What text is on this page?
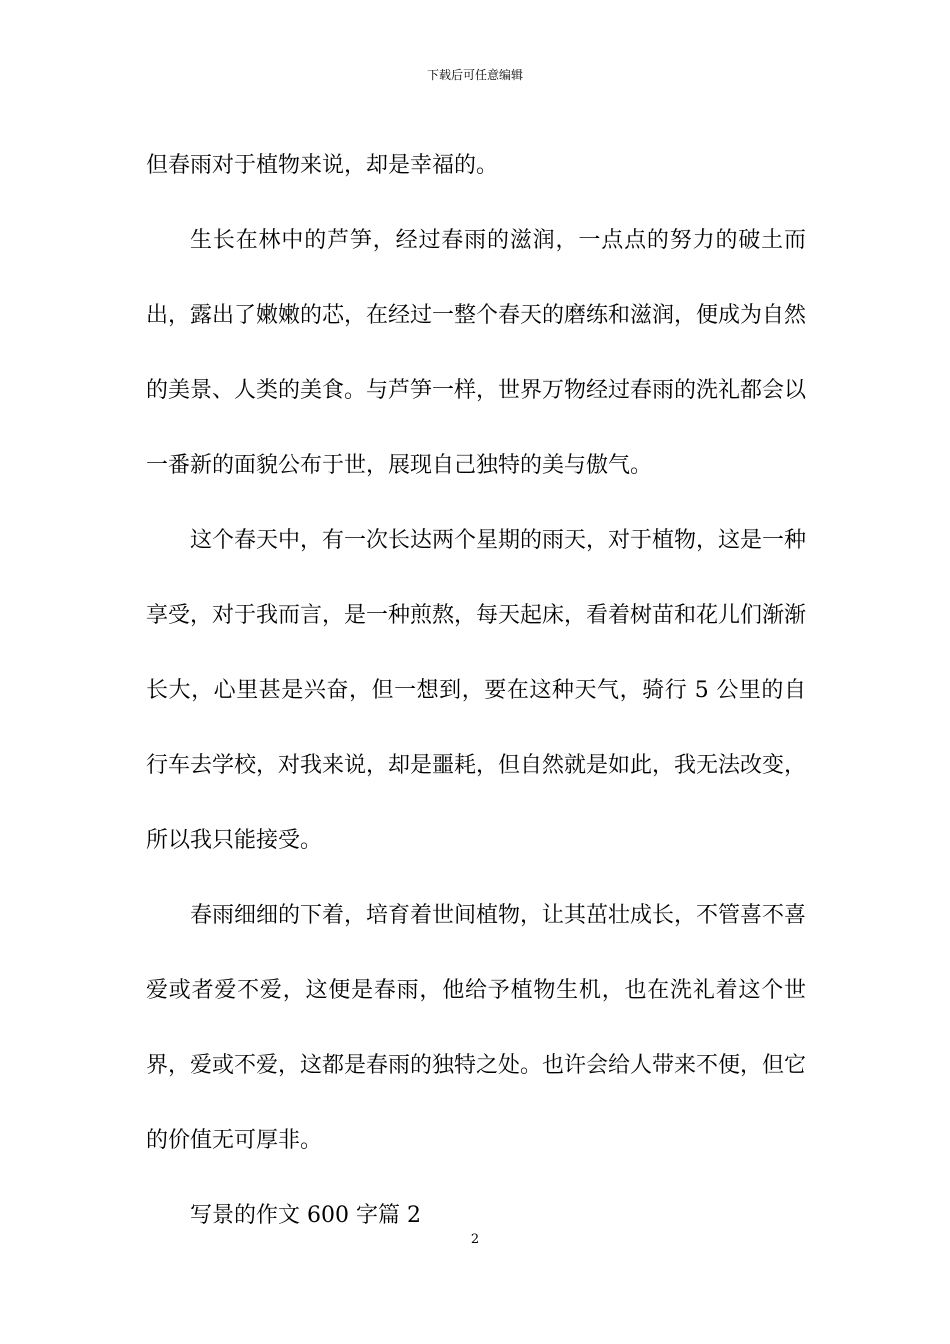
下载后可任意编辑

但春雨对于植物来说，却是幸福的。

生长在林中的芦笋，经过春雨的滋润，一点点的努力的破土而出，露出了嫩嫩的芯，在经过一整个春天的磨练和滋润，便成为自然的美景、人类的美食。与芦笋一样，世界万物经过春雨的洗礼都会以一番新的面貌公布于世，展现自己独特的美与傲气。

这个春天中，有一次长达两个星期的雨天，对于植物，这是一种享受，对于我而言，是一种煎熬，每天起床，看着树苗和花儿们渐渐长大，心里甚是兴奋，但一想到，要在这种天气，骑行 5 公里的自行车去学校，对我来说，却是噩耗，但自然就是如此，我无法改变，所以我只能接受。

春雨细细的下着，培育着世间植物，让其茁壮成长，不管喜不喜爱或者爱不爱，这便是春雨，他给予植物生机，也在洗礼着这个世界，爱或不爱，这都是春雨的独特之处。也许会给人带来不便，但它的价值无可厚非。

写景的作文 600 字篇 2

2
